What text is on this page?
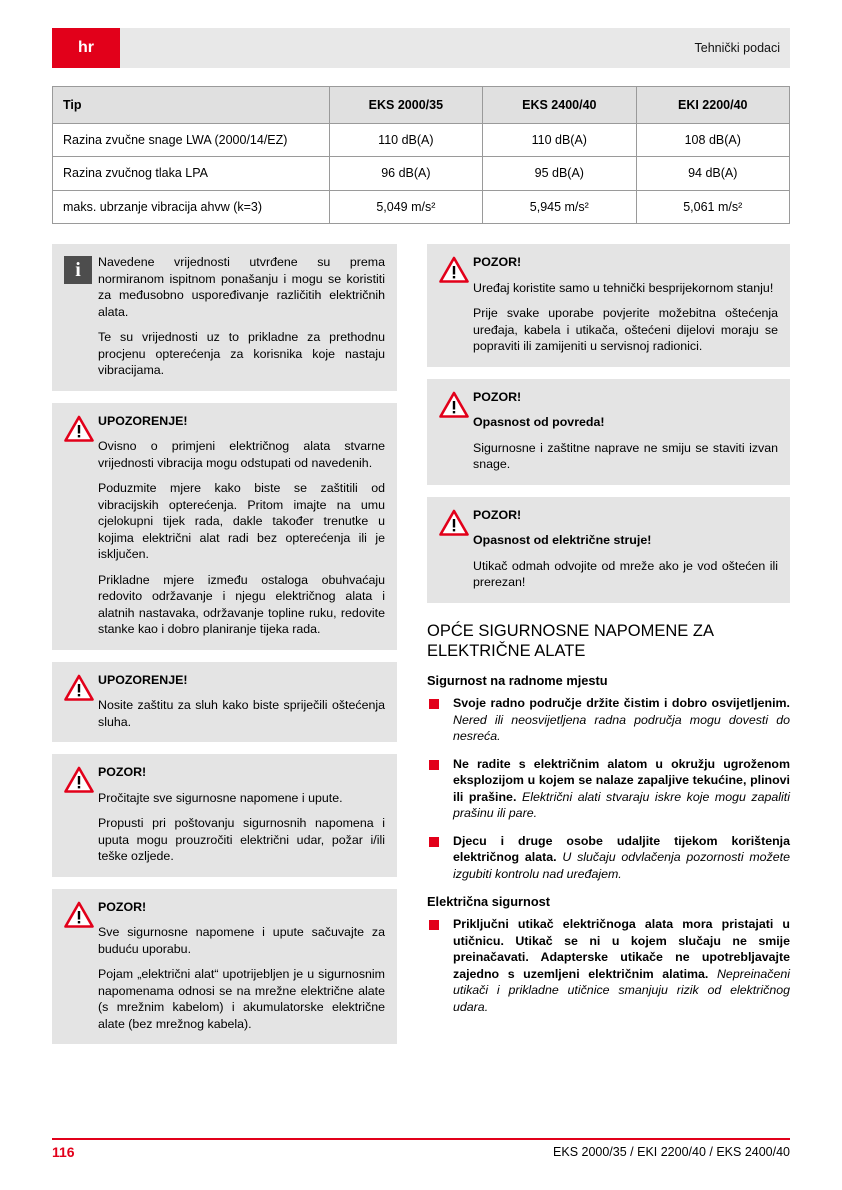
hr	Tehnički podaci
Tip	EKS 2000/35	EKS 2400/40	EKI 2200/40
Razina zvučne snage LWA (2000/14/EZ)	110 dB(A)	110 dB(A)	108 dB(A)
Razina zvučnog tlaka LPA	96 dB(A)	95 dB(A)	94 dB(A)
maks. ubrzanje vibracija ahvw (k=3)	5,049 m/s²	5,945 m/s²	5,061 m/s²
i	Navedene vrijednosti utvrđene su prema normiranom ispitnom ponašanju i mogu se koristiti za međusobno uspoređivanje različitih električnih alata.

Te su vrijednosti uz to prikladne za prethodnu procjenu opterećenja za korisnika koje nastaju vibracijama.

UPOZORENJE!

Ovisno o primjeni električnog alata stvarne vrijednosti vibracija mogu odstupati od navedenih.

Poduzmite mjere kako biste se zaštitili od vibracijskih opterećenja. Pritom imajte na umu cjelokupni tijek rada, dakle također trenutke u kojima električni alat radi bez opterećenja ili je isključen.

Prikladne mjere između ostaloga obuhvaćaju redovito održavanje i njegu električnog alata i alatnih nastavaka, održavanje topline ruku, redovite stanke kao i dobro planiranje tijeka rada.

UPOZORENJE!

Nosite zaštitu za sluh kako biste spriječili oštećenja sluha.

POZOR!

Pročitajte sve sigurnosne napomene i upute.

Propusti pri poštovanju sigurnosnih napomena i uputa mogu prouzročiti električni udar, požar i/ili teške ozljede.

POZOR!

Sve sigurnosne napomene i upute sačuvajte za buduću uporabu.

Pojam „električni alat“ upotrijebljen je u sigurnosnim napomenama odnosi se na mrežne električne alate (s mrežnim kabelom) i akumulatorske električne alate (bez mrežnog kabela).

POZOR!

Uređaj koristite samo u tehnički besprijekornom stanju!

Prije svake uporabe povjerite možebitna oštećenja uređaja, kabela i utikača, oštećeni dijelovi moraju se popraviti ili zamijeniti u servisnoj radionici.

POZOR!

Opasnost od povreda!

Sigurnosne i zaštitne naprave ne smiju se staviti izvan snage.

POZOR!

Opasnost od električne struje!

Utikač odmah odvojite od mreže ako je vod oštećen ili prerezan!

OPĆE SIGURNOSNE NAPOMENE ZA ELEKTRIČNE ALATE
Sigurnost na radnome mjestu
Svoje radno područje držite čistim i dobro osvijetljenim. Nered ili neosvijetljena radna područja mogu dovesti do nesreća.
Ne radite s električnim alatom u okružju ugroženom eksplozijom u kojem se nalaze zapaljive tekućine, plinovi ili prašine. Električni alati stvaraju iskre koje mogu zapaliti prašinu ili pare.
Djecu i druge osobe udaljite tijekom korištenja električnog alata. U slučaju odvlačenja pozornosti možete izgubiti kontrolu nad uređajem.
Električna sigurnost
Priključni utikač električnoga alata mora pristajati u utičnicu. Utikač se ni u kojem slučaju ne smije preinačavati. Adapterske utikače ne upotrebljavajte zajedno s uzemljeni električnim alatima. Nepreinačeni utikači i prikladne utičnice smanjuju rizik od električnog udara.
116	EKS 2000/35 / EKI 2200/40 / EKS 2400/40
